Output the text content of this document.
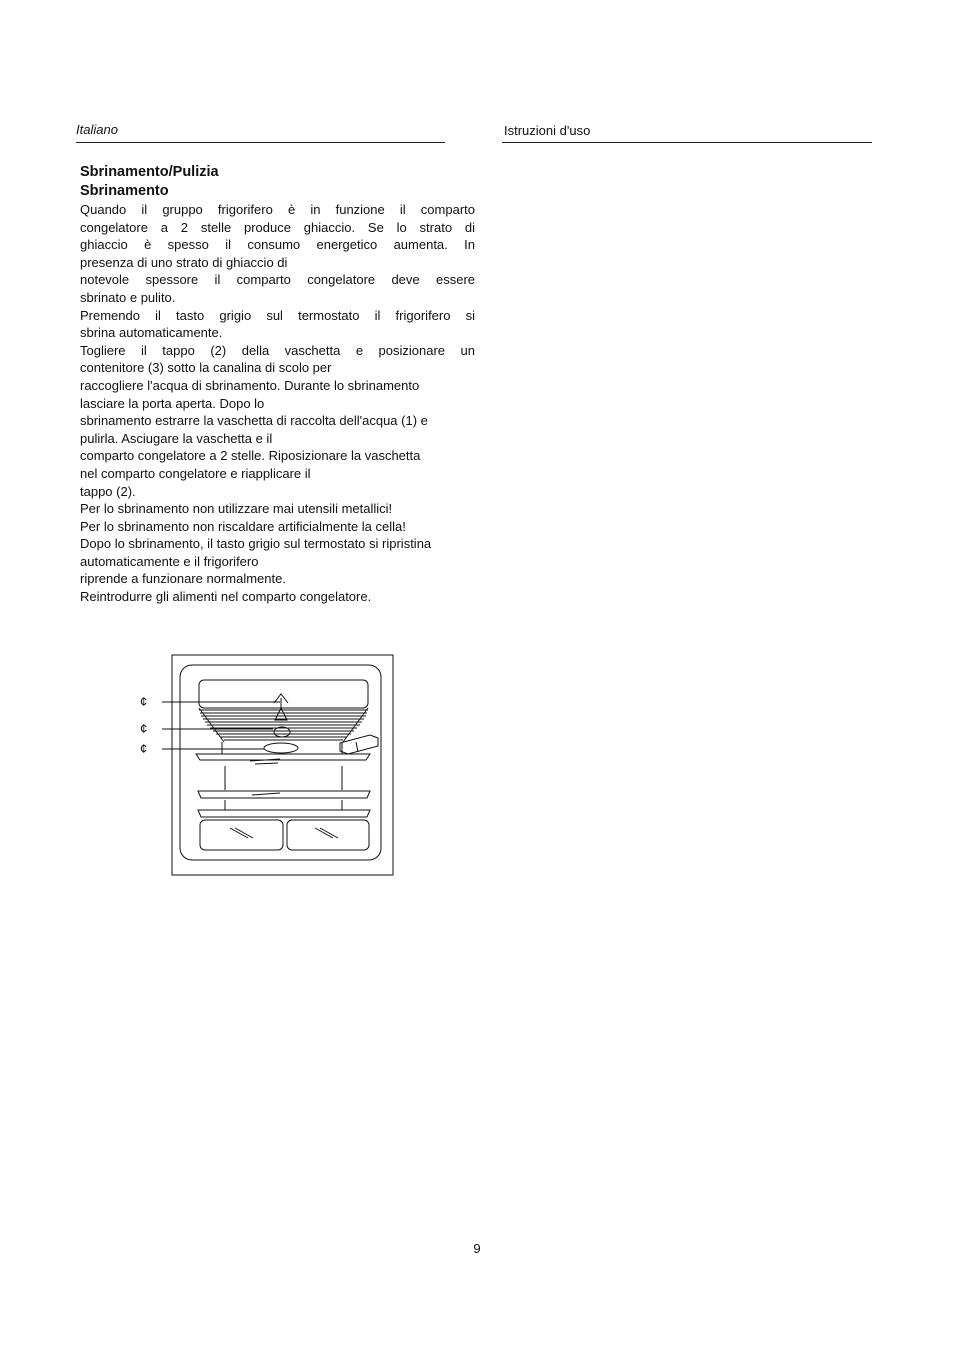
Italiano	Istruzioni d'uso
Sbrinamento/Pulizia
Sbrinamento

Quando il gruppo frigorifero è in funzione il comparto

congelatore a 2 stelle produce ghiaccio. Se lo strato di

ghiaccio è spesso il consumo energetico aumenta. In

presenza di uno strato di ghiaccio di

notevole spessore il comparto congelatore deve essere

sbrinato e pulito.

Premendo il tasto grigio sul termostato il frigorifero si

sbrina automaticamente.

Togliere il tappo (2) della vaschetta e posizionare un

contenitore (3) sotto la canalina di scolo per

raccogliere l'acqua di sbrinamento. Durante lo sbrinamento

lasciare la porta aperta. Dopo lo

sbrinamento estrarre la vaschetta di raccolta dell'acqua (1) e

pulirla. Asciugare la vaschetta e il

comparto congelatore a 2 stelle. Riposizionare la vaschetta

nel comparto congelatore e riapplicare il

tappo (2).

Per lo sbrinamento non utilizzare mai utensili metallici!

Per lo sbrinamento non riscaldare artificialmente la cella!

Dopo lo sbrinamento, il tasto grigio sul termostato si ripristina

automaticamente e il frigorifero

riprende a funzionare normalmente.

Reintrodurre gli alimenti nel comparto congelatore.

¢
¢
¢
9
